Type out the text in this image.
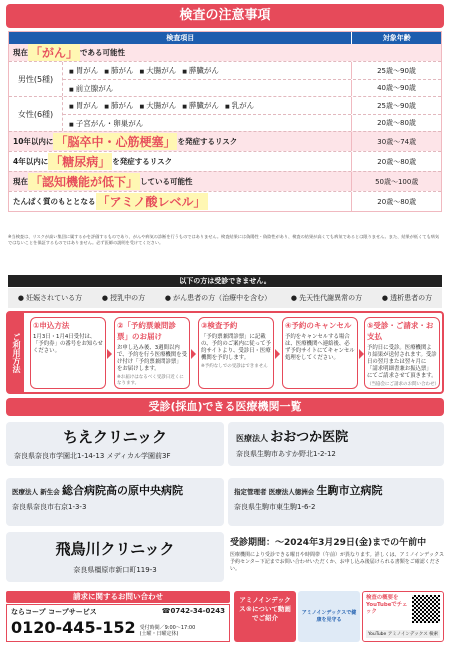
検査の注意事項
検査項目	対象年齢
現在 「がん」 である可能性
男性(5種)
■ 胃がん	■ 肺がん	■ 大腸がん	■ 膵臓がん	25歳〜90歳
■ 前立腺がん	40歳〜90歳
女性(6種)
■ 胃がん	■ 肺がん	■ 大腸がん	■ 膵臓がん	■ 乳がん	25歳〜90歳
■ 子宮がん・卵巣がん	20歳〜80歳
10年以内に 「脳卒中・心筋梗塞」 を発症するリスク	30歳〜74歳
4年以内に 「糖尿病」 を発症するリスク	20歳〜80歳
現在 「認知機能が低下」 している可能性	50歳〜100歳
たんぱく質のもととなる 「アミノ酸レベル」	20歳〜80歳
※当検査は、リスクが高い集団に属するかを評価するものであり、がんや病気の診断を行うものではありません。検査結果には偽陽性・偽陰性があり、検査の結果が高くても病気であるとは限りません。また、結果が低くても病気ではないことを保証するものではありません。必ず医師の説明を受けてください。
以下の方は受診できません。
● 妊娠されている方	● 授乳中の方	● がん患者の方（治療中を含む）	● 先天性代謝異常の方	● 透析患者の方
ご利用方法
①申込方法
1月3日・1月4日受付は、「予約券」の番号をお知らせください。
②「予約票兼問診票」のお届け
お申し込み後、3週間以内で、予約を行う医療機関を受け付け「予約票兼問診票」をお届けします。
※お届けはなるべく受診日近くになります。
③検査予約
「予約票兼問診票」に記載の、予約のご案内に従って予約サイトより、受診日・医療機関を予約します。
※予約なしでの受診はできません
④予約のキャンセル
予約をキャンセルする場合は、医療機関へ連絡後、必ず予約サイトにてキャンセル処理をしてください。
⑤受診・ご請求・お支払
予約日に受診。医療機関より結果が送付されます。受診日の翌月または翌々月に「請求明細書兼お振込票」にてご請求させて頂きます。
（当協会にご請求のお問い合わせ）
受診(採血)できる医療機関一覧
ちえクリニック
奈良県奈良市学園北1-14-13 メディカル学園前3F
医療法人 おおつか医院
奈良県生駒市あすか野北1-2-12
医療法人 新生会 総合病院高の原中央病院
奈良県奈良市右京1-3-3
指定管理者 医療法人徳洲会 生駒市立病院
奈良県生駒市東生駒1-6-2
飛鳥川クリニック
奈良県橿原市新口町119-3
受診期間：〜2024年3月29日(金)までの午前中
医療機関により受診できる曜日や時間帯（午前）が異なります。詳しくは、アミノインデックス予約センター下記までお問い合わせいただくか、お申し込み後届けられる書類をご確認ください。
請求に関するお問い合わせ
ならコープ コープサービス	☎0742-34-0243
0120-445-152 受付時間／9:00〜17:00
(土曜・日曜定休)
アミノインデックス®について動画でご紹介
アミノインデックスで健康を見守る
検査の概要をYouTubeでチェック
YouTube アミノインデックス 検索
